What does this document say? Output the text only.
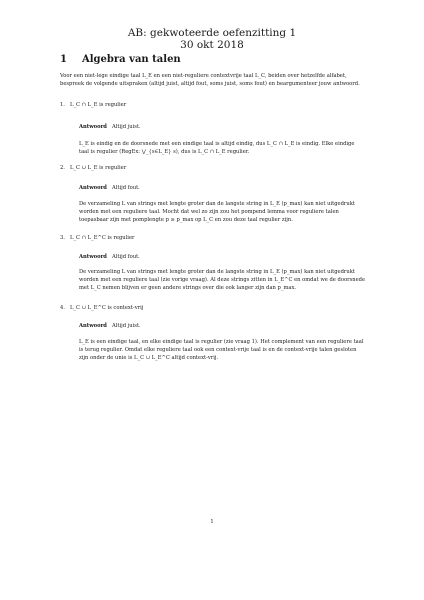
AB: gekwoteerde oefenzitting 1
30 okt 2018
1 Algebra van talen
Voor een niet-lege eindige taal L_E en een niet-reguliere contextvrije taal L_C, beiden over hetzelfde alfabet, bespreek de volgende uitspraken (altijd juist, altijd fout, soms juist, soms fout) en beargumenteer jouw antwoord.
1. L_C ∩ L_E is regulier
Antwoord Altijd juist.
L_E is eindig en de doorsnede met een eindige taal is altijd eindig, dus L_C ∩ L_E is eindig. Elke eindige taal is regulier (RegEx: ⋁_{s∈L_E} s), dus is L_C ∩ L_E regulier.
2. L_C ∪ L_E is regulier
Antwoord Altijd fout.
De verzameling L van strings met lengte groter dan de langste string in L_E (p_max) kan niet uitgedrukt worden met een reguliere taal. Mocht dat wel zo zijn zou het pompend lemma voor reguliere talen toepasbaar zijn met pomplengte p ≥ p_max op L_C en zou deze taal regulier zijn.
3. L_C ∩ L_E^C is regulier
Antwoord Altijd fout.
De verzameling L van strings met lengte groter dan de langste string in L_E (p_max) kan niet uitgedrukt worden met een reguliere taal (zie vorige vraag). Al deze strings zitten in L_E^C en omdat we de doorsnede met L_C nemen blijven er geen andere strings over die ook langer zijn dan p_max.
4. L_C ∪ L_E^C is context-vrij
Antwoord Altijd juist.
L_E is een eindige taal, en elke eindige taal is regulier (zie vraag 1). Het complement van een reguliere taal is terug regulier. Omdat elke reguliere taal ook een context-vrije taal is en de context-vrije talen gesloten zijn onder de unie is L_C ∪ L_E^C altijd context-vrij.
1
